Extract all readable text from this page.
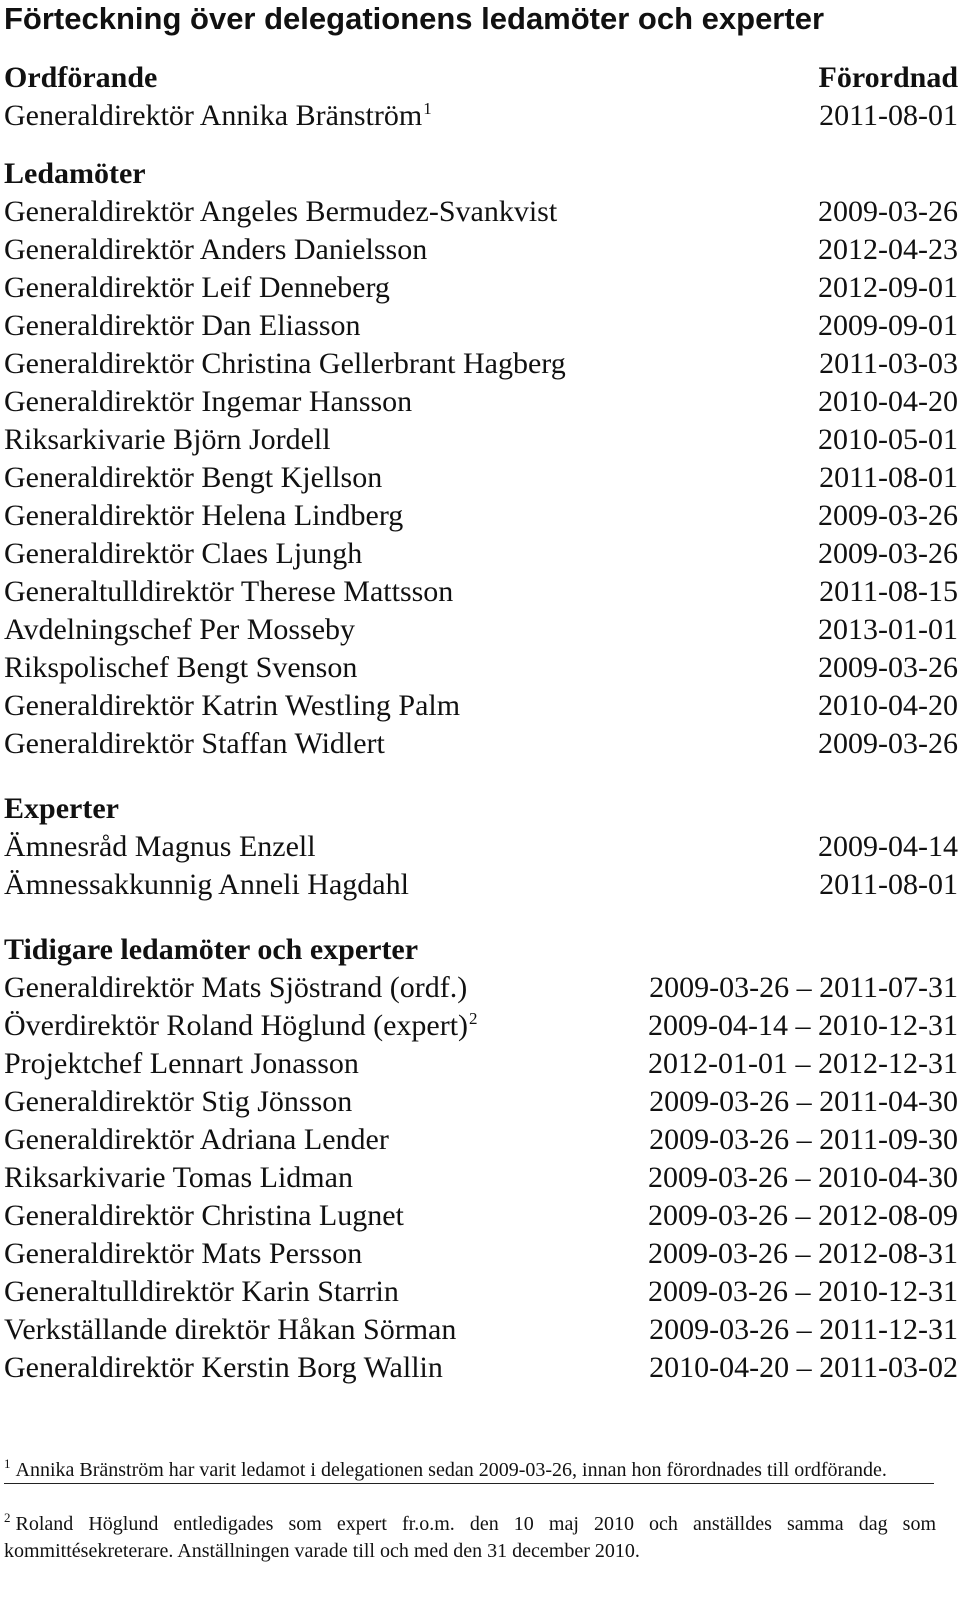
Förteckning över delegationens ledamöter och experter
Ordförande	Förordnad
Generaldirektör Annika Bränström$^1$	2011-08-01
Ledamöter
Generaldirektör Angeles Bermudez-Svankvist	2009-03-26
Generaldirektör Anders Danielsson	2012-04-23
Generaldirektör Leif Denneberg	2012-09-01
Generaldirektör Dan Eliasson	2009-09-01
Generaldirektör Christina Gellerbrant Hagberg	2011-03-03
Generaldirektör Ingemar Hansson	2010-04-20
Riksarkivarie Björn Jordell	2010-05-01
Generaldirektör Bengt Kjellson	2011-08-01
Generaldirektör Helena Lindberg	2009-03-26
Generaldirektör Claes Ljungh	2009-03-26
Generaltulldirektör Therese Mattsson	2011-08-15
Avdelningschef Per Mosseby	2013-01-01
Rikspolischef Bengt Svenson	2009-03-26
Generaldirektör Katrin Westling Palm	2010-04-20
Generaldirektör Staffan Widlert	2009-03-26
Experter
Ämnesråd Magnus Enzell	2009-04-14
Ämnessakkunnig Anneli Hagdahl	2011-08-01
Tidigare ledamöter och experter
Generaldirektör Mats Sjöstrand (ordf.)	2009-03-26 – 2011-07-31
Överdirektör Roland Höglund (expert)$^2$	2009-04-14 – 2010-12-31
Projektchef Lennart Jonasson	2012-01-01 – 2012-12-31
Generaldirektör Stig Jönsson	2009-03-26 – 2011-04-30
Generaldirektör Adriana Lender	2009-03-26 – 2011-09-30
Riksarkivarie Tomas Lidman	2009-03-26 – 2010-04-30
Generaldirektör Christina Lugnet	2009-03-26 – 2012-08-09
Generaldirektör Mats Persson	2009-03-26 – 2012-08-31
Generaltulldirektör Karin Starrin	2009-03-26 – 2010-12-31
Verkställande direktör Håkan Sörman	2009-03-26 – 2011-12-31
Generaldirektör Kerstin Borg Wallin	2010-04-20 – 2011-03-02
$^1$ Annika Bränström har varit ledamot i delegationen sedan 2009-03-26, innan hon förordnades till ordförande.
$^2$ Roland Höglund entledigades som expert fr.o.m. den 10 maj 2010 och anställdes samma dag som kommittésekreterare. Anställningen varade till och med den 31 december 2010.
